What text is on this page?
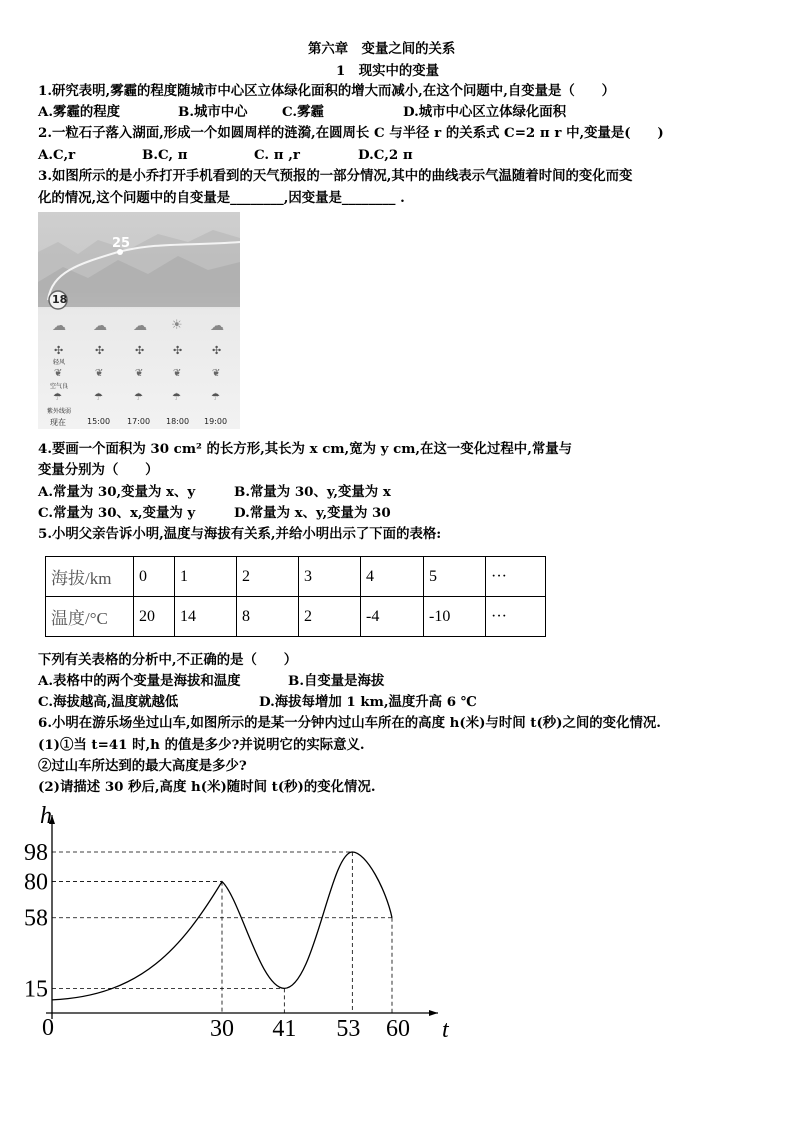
第六章　变量之间的关系
1　现实中的变量
1.研究表明,雾霾的程度随城市中心区立体绿化面积的增大而减小,在这个问题中,自变量是（　　）
A.雾霾的程度	B.城市中心	C.雾霾	D.城市中心区立体绿化面积
2.一粒石子落入湖面,形成一个如圆周样的涟漪,在圆周长 C 与半径 r 的关系式 C=2 π r 中,变量是(　　)
A.C,r	B.C, π	C. π ,r	D.C,2 π
3.如图所示的是小乔打开手机看到的天气预报的一部分情况,其中的曲线表示气温随着时间的变化而变
化的情况,这个问题中的自变量是________,因变量是________ .
25
18
☁ ☁ ☁ ☀ ☁
✣	✣	✣	✣	✣
轻风
❦	❦	❦	❦	❦
空气良
☂	☂	☂	☂	☂
紫外线弱
现在	15:00 17:00 18:00 19:00
4.要画一个面积为 30 cm² 的长方形,其长为 x cm,宽为 y cm,在这一变化过程中,常量与
变量分别为（　　）
A.常量为 30,变量为 x、y	B.常量为 30、y,变量为 x
C.常量为 30、x,变量为 y	D.常量为 x、y,变量为 30
5.小明父亲告诉小明,温度与海拔有关系,并给小明出示了下面的表格:
海拔/km	0	1	2	3	4	5	···
温度/°C	20	14	8	2	-4	-10	···
下列有关表格的分析中,不正确的是（　　）
A.表格中的两个变量是海拔和温度	B.自变量是海拔
C.海拔越高,温度就越低	D.海拔每增加 1 km,温度升高 6 ℃
6.小明在游乐场坐过山车,如图所示的是某一分钟内过山车所在的高度 h(米)与时间 t(秒)之间的变化情况.
(1)①当 t=41 时,h 的值是多少?并说明它的实际意义.
②过山车所达到的最大高度是多少?
(2)请描述 30 秒后,高度 h(米)随时间 t(秒)的变化情况.
h
t
0
98
80
58
15
30 41 53 60
